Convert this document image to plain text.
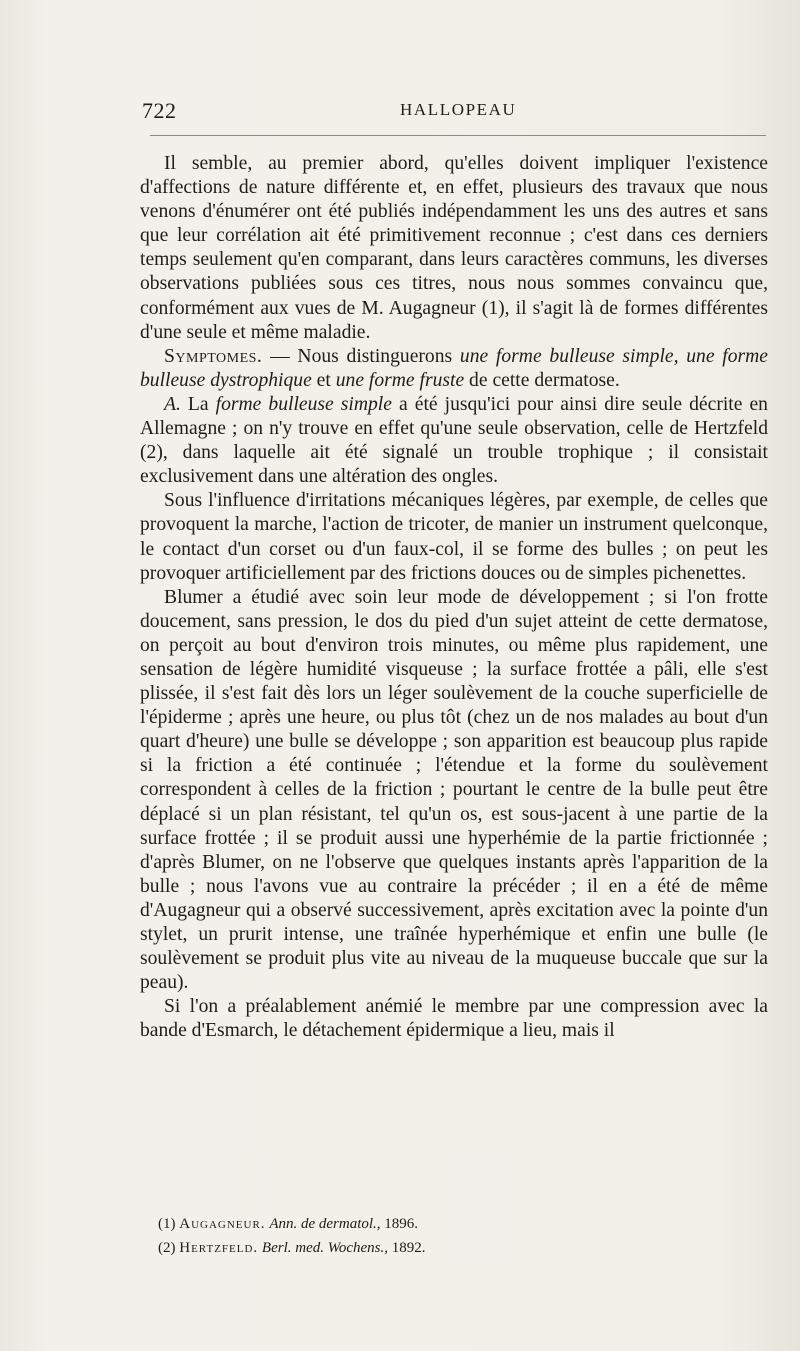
722	HALLOPEAU

Il semble, au premier abord, qu'elles doivent impliquer l'existence d'affections de nature différente et, en effet, plusieurs des travaux que nous venons d'énumérer ont été publiés indépendamment les uns des autres et sans que leur corrélation ait été primitivement reconnue ; c'est dans ces derniers temps seulement qu'en comparant, dans leurs caractères communs, les diverses observations publiées sous ces titres, nous nous sommes convaincu que, conformément aux vues de M. Augagneur (1), il s'agit là de formes différentes d'une seule et même maladie.

Symptomes. — Nous distinguerons une forme bulleuse simple, une forme bulleuse dystrophique et une forme fruste de cette dermatose.

A. La forme bulleuse simple a été jusqu'ici pour ainsi dire seule décrite en Allemagne ; on n'y trouve en effet qu'une seule observation, celle de Hertzfeld (2), dans laquelle ait été signalé un trouble trophique ; il consistait exclusivement dans une altération des ongles.

Sous l'influence d'irritations mécaniques légères, par exemple, de celles que provoquent la marche, l'action de tricoter, de manier un instrument quelconque, le contact d'un corset ou d'un faux-col, il se forme des bulles ; on peut les provoquer artificiellement par des frictions douces ou de simples pichenettes.

Blumer a étudié avec soin leur mode de développement ; si l'on frotte doucement, sans pression, le dos du pied d'un sujet atteint de cette dermatose, on perçoit au bout d'environ trois minutes, ou même plus rapidement, une sensation de légère humidité visqueuse ; la surface frottée a pâli, elle s'est plissée, il s'est fait dès lors un léger soulèvement de la couche superficielle de l'épiderme ; après une heure, ou plus tôt (chez un de nos malades au bout d'un quart d'heure) une bulle se développe ; son apparition est beaucoup plus rapide si la friction a été continuée ; l'étendue et la forme du soulèvement correspondent à celles de la friction ; pourtant le centre de la bulle peut être déplacé si un plan résistant, tel qu'un os, est sous-jacent à une partie de la surface frottée ; il se produit aussi une hyperhémie de la partie frictionnée ; d'après Blumer, on ne l'observe que quelques instants après l'apparition de la bulle ; nous l'avons vue au contraire la précéder ; il en a été de même d'Augagneur qui a observé successivement, après excitation avec la pointe d'un stylet, un prurit intense, une traînée hyperhémique et enfin une bulle (le soulèvement se produit plus vite au niveau de la muqueuse buccale que sur la peau).

Si l'on a préalablement anémié le membre par une compression avec la bande d'Esmarch, le détachement épidermique a lieu, mais il

(1) Augagneur. Ann. de dermatol., 1896.
(2) Hertzfeld. Berl. med. Wochens., 1892.
